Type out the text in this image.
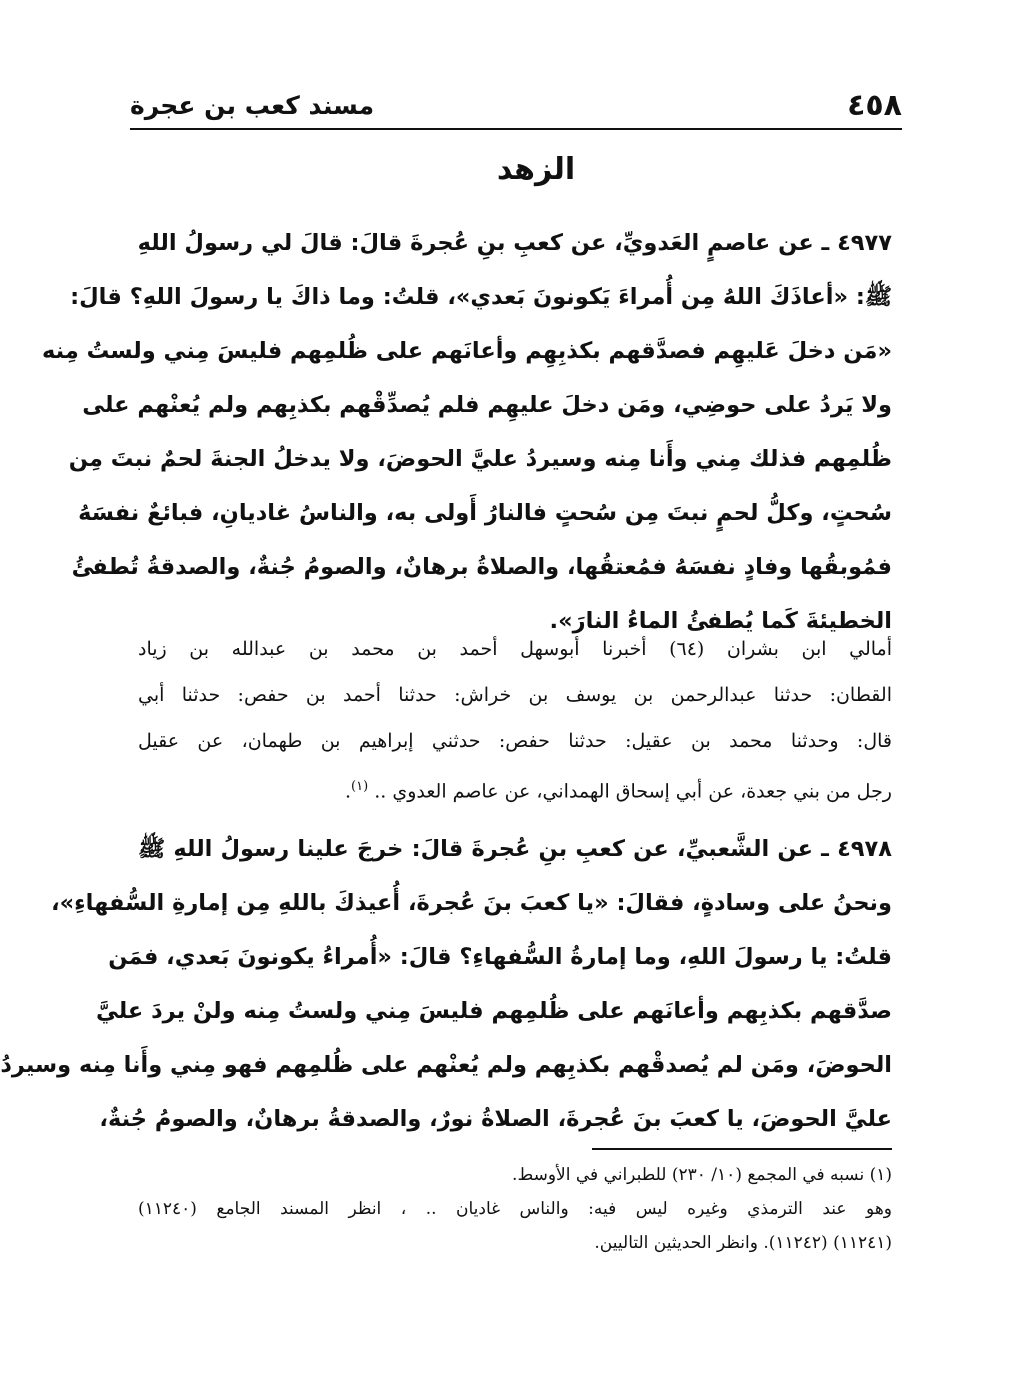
٤٥٨
مسند كعب بن عجرة
الزهد
٤٩٧٧ ـ عن عاصمٍ العَدويِّ، عن كعبِ بنِ عُجرةَ قالَ: قالَ لي رسولُ اللهِ
ﷺ: «أعاذَكَ اللهُ مِن أُمراءَ يَكونونَ بَعدي»، قلتُ: وما ذاكَ يا رسولَ اللهِ؟ قالَ:
«مَن دخلَ عَليهِم فصدَّقهم بكذبِهِم وأعانَهم على ظُلمِهم فليسَ مِني ولستُ مِنه
ولا يَردُ على حوضِي، ومَن دخلَ عليهِم فلم يُصدِّقْهم بكذبِهم ولم يُعنْهم على
ظُلمِهم فذلك مِني وأَنا مِنه وسيردُ عليَّ الحوضَ، ولا يدخلُ الجنةَ لحمٌ نبتَ مِن
سُحتٍ، وكلُّ لحمٍ نبتَ مِن سُحتٍ فالنارُ أَولى به، والناسُ غاديانِ، فبائعٌ نفسَهُ
فمُوبقُها وفادٍ نفسَهُ فمُعتقُها، والصلاةُ برهانٌ، والصومُ جُنةٌ، والصدقةُ تُطفئُ
الخطيئةَ كَما يُطفئُ الماءُ النارَ».
أمالي ابن بشران (٦٤) أخبرنا أبوسهل أحمد بن محمد بن عبدالله بن زياد
القطان: حدثنا عبدالرحمن بن يوسف بن خراش: حدثنا أحمد بن حفص: حدثنا أبي
قال: وحدثنا محمد بن عقيل: حدثنا حفص: حدثني إبراهيم بن طهمان، عن عقيل
رجل من بني جعدة، عن أبي إسحاق الهمداني، عن عاصم العدوي .. $^{(١)}$.
٤٩٧٨ ـ عن الشَّعبيِّ، عن كعبِ بنِ عُجرةَ قالَ: خرجَ علينا رسولُ اللهِ ﷺ
ونحنُ على وسادةٍ، فقالَ: «يا كعبَ بنَ عُجرةَ، أُعيذكَ باللهِ مِن إمارةِ السُّفهاءِ»،
قلتُ: يا رسولَ اللهِ، وما إمارةُ السُّفهاءِ؟ قالَ: «أُمراءُ يكونونَ بَعدي، فمَن
صدَّقهم بكذبِهم وأعانَهم على ظُلمِهم فليسَ مِني ولستُ مِنه ولنْ يردَ عليَّ
الحوضَ، ومَن لم يُصدقْهم بكذبِهم ولم يُعنْهم على ظُلمِهم فهو مِني وأَنا مِنه وسيردُ
عليَّ الحوضَ، يا كعبَ بنَ عُجرةَ، الصلاةُ نورٌ، والصدقةُ برهانٌ، والصومُ جُنةٌ،
(١) نسبه في المجمع (١٠/ ٢٣٠) للطبراني في الأوسط.
وهو عند الترمذي وغيره ليس فيه: والناس غاديان .. ، انظر المسند الجامع (١١٢٤٠)
(١١٢٤١) (١١٢٤٢). وانظر الحديثين التاليين.
